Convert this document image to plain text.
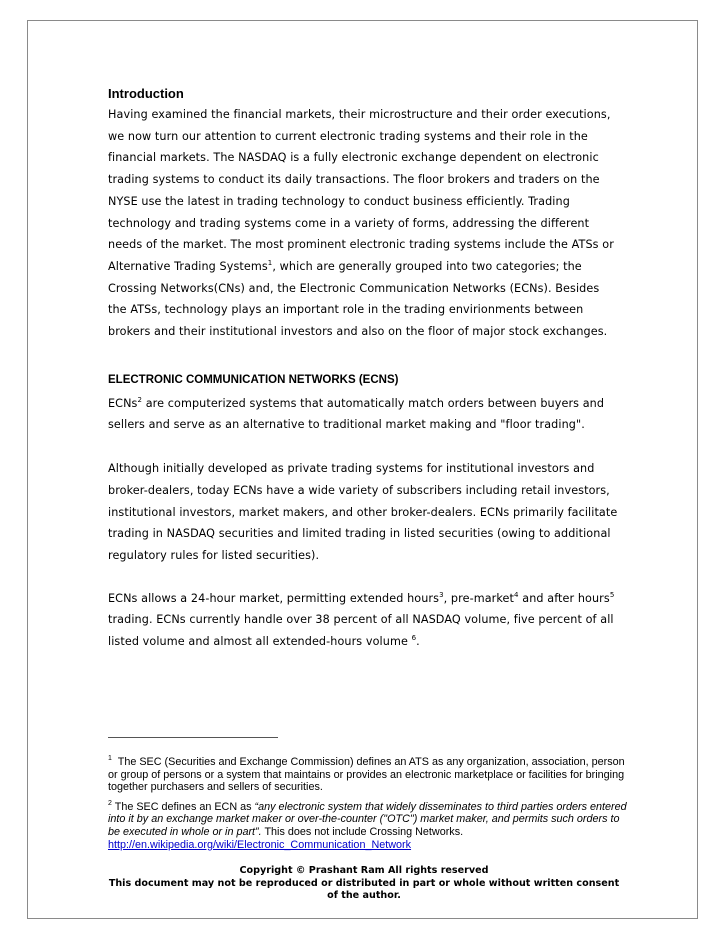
Introduction

Having examined the financial markets, their microstructure and their order executions, we now turn our attention to current electronic trading systems and their role in the financial markets. The NASDAQ is a fully electronic exchange dependent on electronic trading systems to conduct its daily transactions. The floor brokers and traders on the NYSE use the latest in trading technology to conduct business efficiently. Trading technology and trading systems come in a variety of forms, addressing the different needs of the market. The most prominent electronic trading systems include the ATSs or Alternative Trading Systems$^1$, which are generally grouped into two categories; the Crossing Networks(CNs) and, the Electronic Communication Networks (ECNs). Besides the ATSs, technology plays an important role in the trading envirionments between brokers and their institutional investors and also on the floor of major stock exchanges.

ELECTRONIC COMMUNICATION NETWORKS (ECNS)

ECNs$^2$ are computerized systems that automatically match orders between buyers and sellers and serve as an alternative to traditional market making and "floor trading".

Although initially developed as private trading systems for institutional investors and broker-dealers, today ECNs have a wide variety of subscribers including retail investors, institutional investors, market makers, and other broker-dealers. ECNs primarily facilitate trading in NASDAQ securities and limited trading in listed securities (owing to additional regulatory rules for listed securities).

ECNs allows a 24-hour market, permitting extended hours$^3$, pre-market$^4$ and after hours$^5$ trading. ECNs currently handle over 38 percent of all NASDAQ volume, five percent of all listed volume and almost all extended-hours volume $^6$.

$^1$ The SEC (Securities and Exchange Commission) defines an ATS as any organization, association, person or group of persons or a system that maintains or provides an electronic marketplace or facilities for bringing together purchasers and sellers of securities.

$^2$ The SEC defines an ECN as “any electronic system that widely disseminates to third parties orders entered into it by an exchange market maker or over-the-counter ("OTC") market maker, and permits such orders to be executed in whole or in part”. This does not include Crossing Networks.
http://en.wikipedia.org/wiki/Electronic_Communication_Network

Copyright © Prashant Ram All rights reserved

This document may not be reproduced or distributed in part or whole without written consent

of the author.
